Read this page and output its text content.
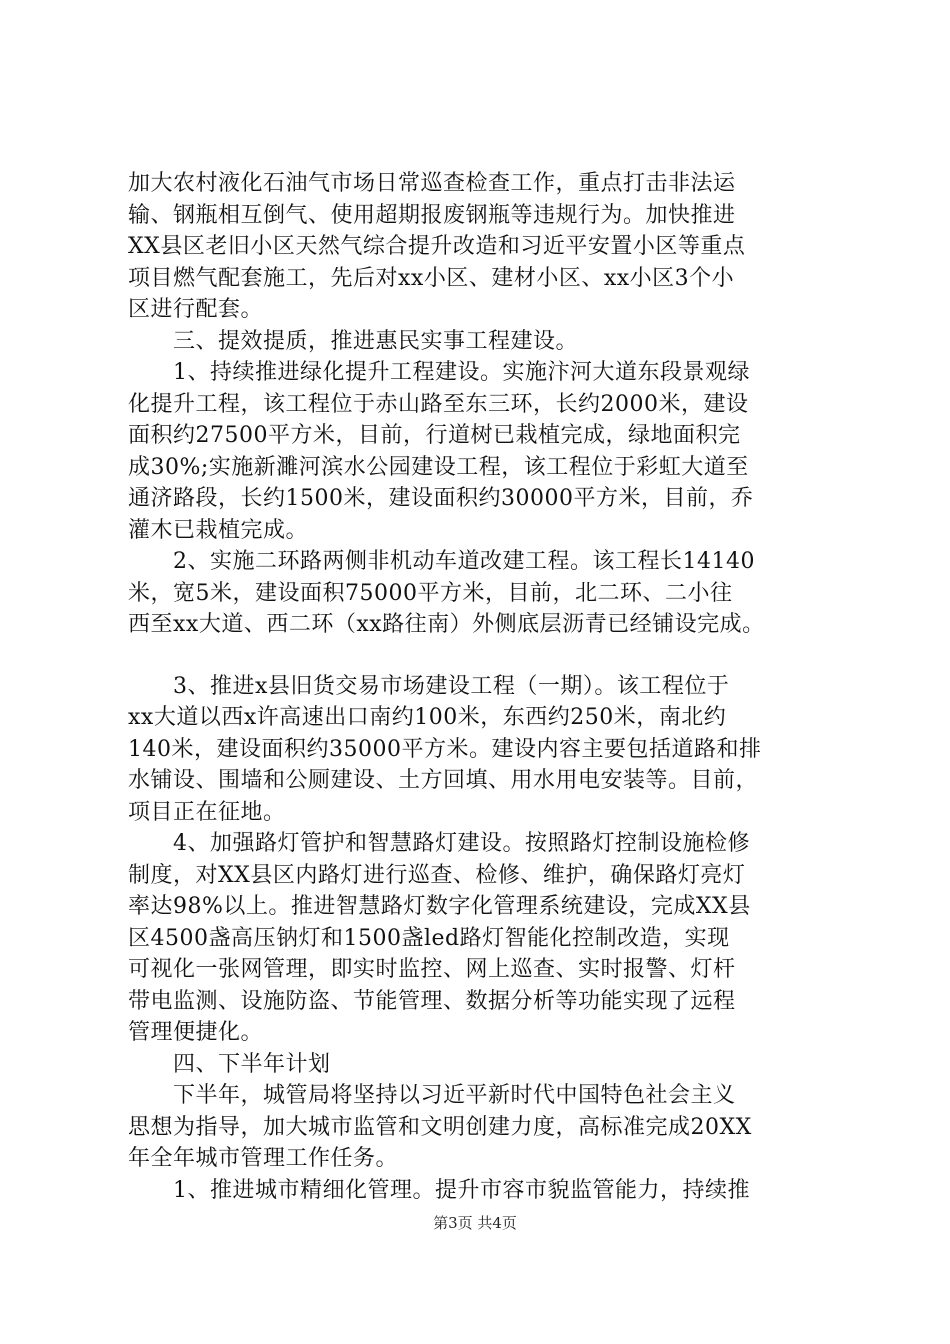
加大农村液化石油气市场日常巡查检查工作，重点打击非法运
输、钢瓶相互倒气、使用超期报废钢瓶等违规行为。加快推进
XX县区老旧小区天然气综合提升改造和习近平安置小区等重点
项目燃气配套施工，先后对xx小区、建材小区、xx小区3个小
区进行配套。
　　三、提效提质，推进惠民实事工程建设。
　　1、持续推进绿化提升工程建设。实施汴河大道东段景观绿
化提升工程，该工程位于赤山路至东三环，长约2000米，建设
面积约27500平方米，目前，行道树已栽植完成，绿地面积完
成30%;实施新濉河滨水公园建设工程，该工程位于彩虹大道至
通济路段，长约1500米，建设面积约30000平方米，目前，乔
灌木已栽植完成。
　　2、实施二环路两侧非机动车道改建工程。该工程长14140
米，宽5米，建设面积75000平方米，目前，北二环、二小往
西至xx大道、西二环（xx路往南）外侧底层沥青已经铺设完成。
　　3、推进x县旧货交易市场建设工程（一期）。该工程位于
xx大道以西x许高速出口南约100米，东西约250米，南北约
140米，建设面积约35000平方米。建设内容主要包括道路和排
水铺设、围墙和公厕建设、土方回填、用水用电安装等。目前，
项目正在征地。
　　4、加强路灯管护和智慧路灯建设。按照路灯控制设施检修
制度，对XX县区内路灯进行巡查、检修、维护，确保路灯亮灯
率达98%以上。推进智慧路灯数字化管理系统建设，完成XX县
区4500盏高压钠灯和1500盏led路灯智能化控制改造，实现
可视化一张网管理，即实时监控、网上巡查、实时报警、灯杆
带电监测、设施防盗、节能管理、数据分析等功能实现了远程
管理便捷化。
　　四、下半年计划
　　下半年，城管局将坚持以习近平新时代中国特色社会主义
思想为指导，加大城市监管和文明创建力度，高标准完成20XX
年全年城市管理工作任务。
　　1、推进城市精细化管理。提升市容市貌监管能力，持续推
第3页 共4页
